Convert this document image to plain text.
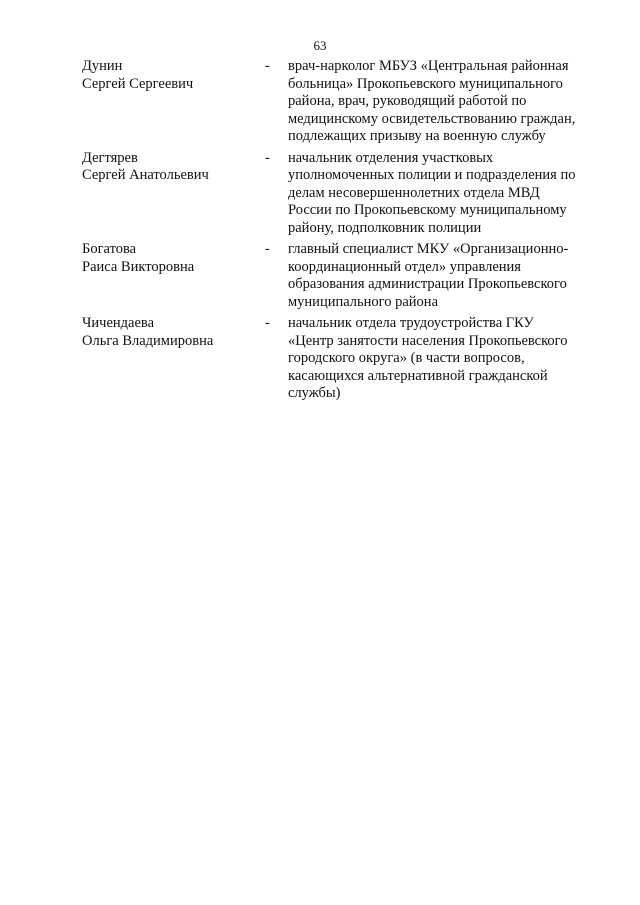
63
Дунин
Сергей Сергеевич
- врач-нарколог МБУЗ «Центральная районная
больница» Прокопьевского муниципального
района, врач, руководящий работой по
медицинскому освидетельствованию граждан,
подлежащих призыву на военную службу
Дегтярев
Сергей Анатольевич
- начальник отделения участковых
уполномоченных полиции и подразделения по
делам несовершеннолетних отдела МВД
России по Прокопьевскому муниципальному
району, подполковник полиции
Богатова
Раиса Викторовна
- главный специалист МКУ «Организационно-
координационный отдел» управления
образования администрации Прокопьевского
муниципального района
Чичендаева
Ольга Владимировна
- начальник отдела трудоустройства ГКУ
«Центр занятости населения Прокопьевского
городского округа» (в части вопросов,
касающихся альтернативной гражданской
службы)
